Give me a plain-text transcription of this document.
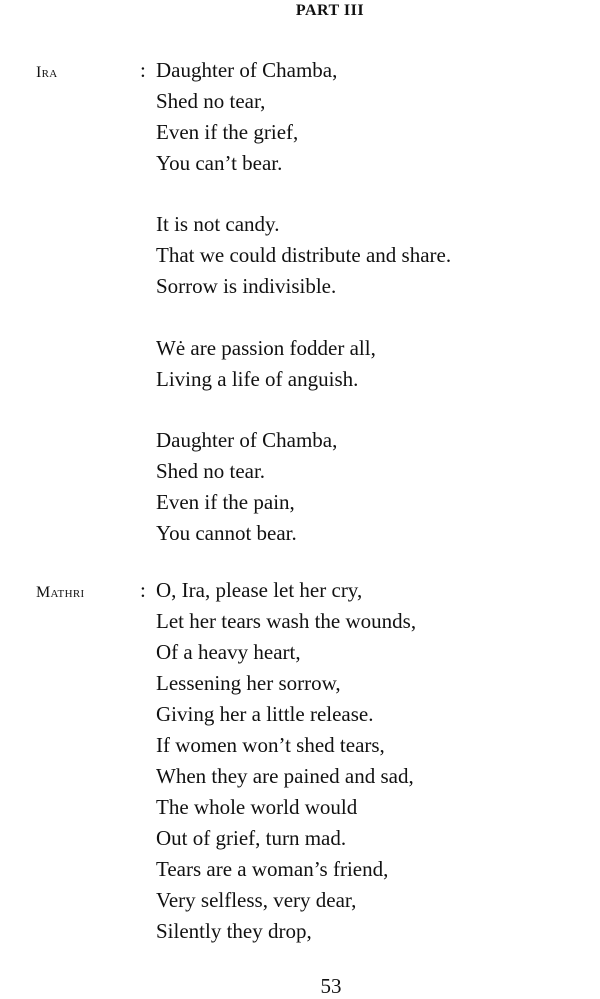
PART III
Ira	: Daughter of Chamba,
Shed no tear,
Even if the grief,
You can’t bear.
It is not candy.
That we could distribute and share.
Sorrow is indivisible.
Wė are passion fodder all,
Living a life of anguish.
Daughter of Chamba,
Shed no tear.
Even if the pain,
You cannot bear.
Mathri	: O, Ira, please let her cry,
Let her tears wash the wounds,
Of a heavy heart,
Lessening her sorrow,
Giving her a little release.
If women won’t shed tears,
When they are pained and sad,
The whole world would
Out of grief, turn mad.
Tears are a woman’s friend,
Very selfless, very dear,
Silently they drop,
53
